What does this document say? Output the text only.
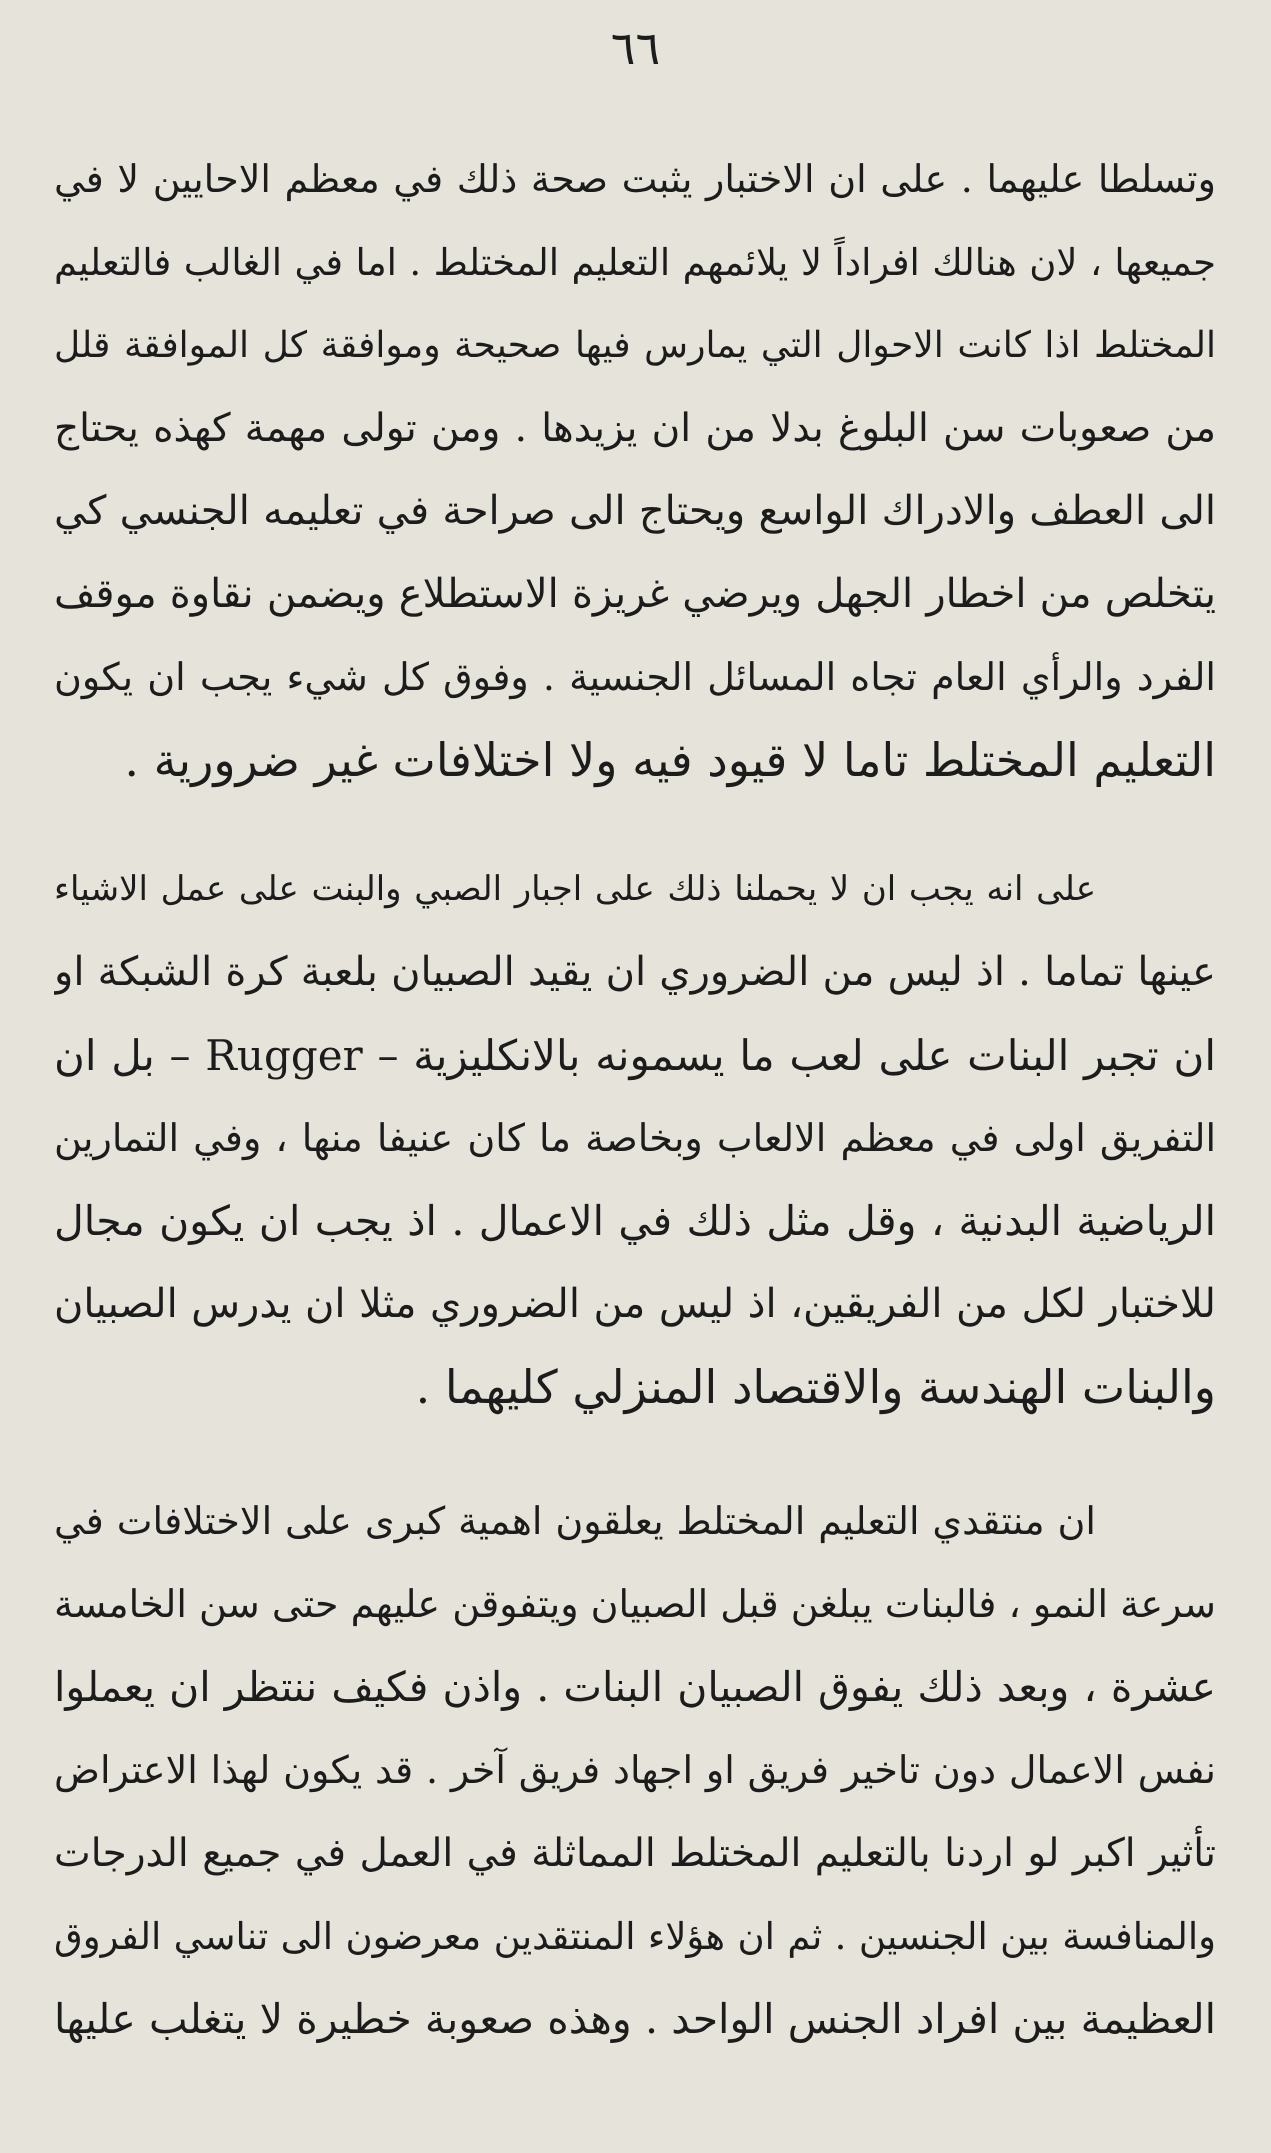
٦٦
وتسلطا عليهما . على ان الاختبار يثبت صحة ذلك في معظم الاحايين لا في
جميعها ، لان هنالك افراداً لا يلائمهم التعليم المختلط . اما في الغالب فالتعليم
المختلط اذا كانت الاحوال التي يمارس فيها صحيحة وموافقة كل الموافقة قلل
من صعوبات سن البلوغ بدلا من ان يزيدها . ومن تولى مهمة كهذه يحتاج
الى العطف والادراك الواسع ويحتاج الى صراحة في تعليمه الجنسي كي
يتخلص من اخطار الجهل ويرضي غريزة الاستطلاع ويضمن نقاوة موقف
الفرد والرأي العام تجاه المسائل الجنسية . وفوق كل شيء يجب ان يكون
التعليم المختلط تاما لا قيود فيه ولا اختلافات غير ضرورية .
على انه يجب ان لا يحملنا ذلك على اجبار الصبي والبنت على عمل الاشياء
عينها تماما . اذ ليس من الضروري ان يقيد الصبيان بلعبة كرة الشبكة او
ان تجبر البنات على لعب ما يسمونه بالانكليزية – Rugger – بل ان
التفريق اولى في معظم الالعاب وبخاصة ما كان عنيفا منها ، وفي التمارين
الرياضية البدنية ، وقل مثل ذلك في الاعمال . اذ يجب ان يكون مجال
للاختبار لكل من الفريقين، اذ ليس من الضروري مثلا ان يدرس الصبيان
والبنات الهندسة والاقتصاد المنزلي كليهما .
ان منتقدي التعليم المختلط يعلقون اهمية كبرى على الاختلافات في
سرعة النمو ، فالبنات يبلغن قبل الصبيان ويتفوقن عليهم حتى سن الخامسة
عشرة ، وبعد ذلك يفوق الصبيان البنات . واذن فكيف ننتظر ان يعملوا
نفس الاعمال دون تاخير فريق او اجهاد فريق آخر . قد يكون لهذا الاعتراض
تأثير اكبر لو اردنا بالتعليم المختلط المماثلة في العمل في جميع الدرجات
والمنافسة بين الجنسين . ثم ان هؤلاء المنتقدين معرضون الى تناسي الفروق
العظيمة بين افراد الجنس الواحد . وهذه صعوبة خطيرة لا يتغلب عليها
